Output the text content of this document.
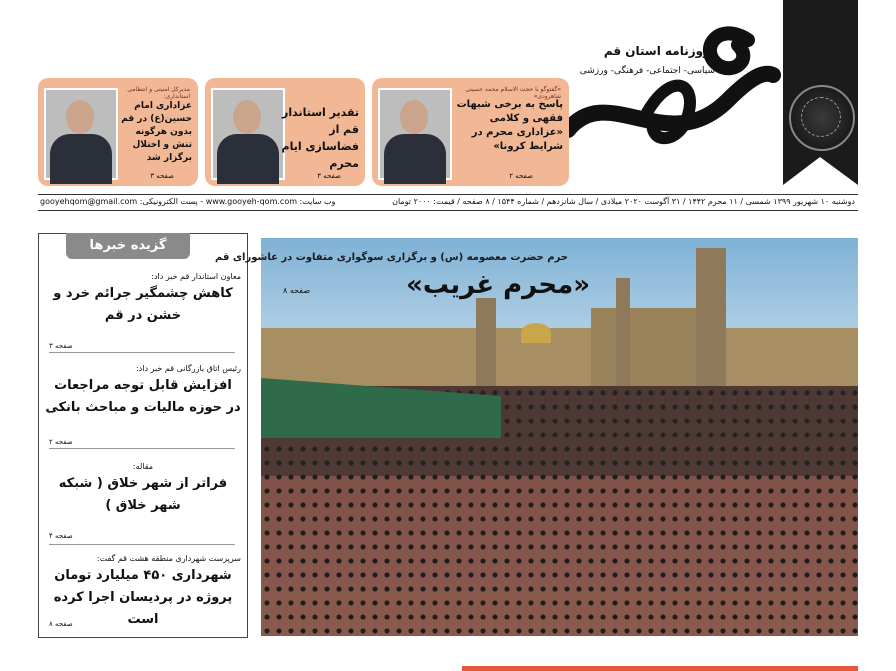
روزنامه استان قم
سیاسی- اجتماعی- فرهنگی- ورزشی
«گفتوگو با حجت الاسلام محمد حسینی شاهرودی»
پاسخ به برخی شبهات فقهی و کلامی «عزاداری محرم در شرایط کرونا»
صفحه ۲
تقدیر استاندار قم از فضاسازی ایام محرم
صفحه ۳
مدیرکل امنیتی و انتظامی استانداری:
عزاداری امام حسین(ع) در قم بدون هرگونه تنش و اختلال برگزار شد
صفحه ۳
وب سایت: www.gooyeh-qom.com - پست الکترونیکی: gooyehqom@gmail.com	دوشنبه ۱۰ شهریور ۱۳۹۹ شمسی / ۱۱ محرم ۱۴۴۲ / ۳۱ آگوست ۲۰۲۰ میلادی / سال شانزدهم / شماره ۱۵۴۴ / ۸ صفحه / قیمت: ۲۰۰۰ تومان
معاون استاندار قم خبر داد:
کاهش چشمگیر جرائم خرد و خشن در قم
صفحه ۳
رئیس اتاق بازرگانی قم خبر داد:
افزایش قابل توجه مراجعات در حوزه مالیات و مباحث بانکی
صفحه ۲
مقاله:
فراتر از شهر خلاق ( شبکه شهر خلاق )
صفحه ۴
سرپرست شهرداری منطقه هشت قم گفت:
شهرداری ۴۵۰ میلیارد تومان پروژه در پردیسان اجرا کرده است
صفحه ۸
گزیده خبرها
حرم حضرت معصومه (س) و برگزاری سوگواری متفاوت در عاشورای قم
«محرم غریب»
صفحه ۸
